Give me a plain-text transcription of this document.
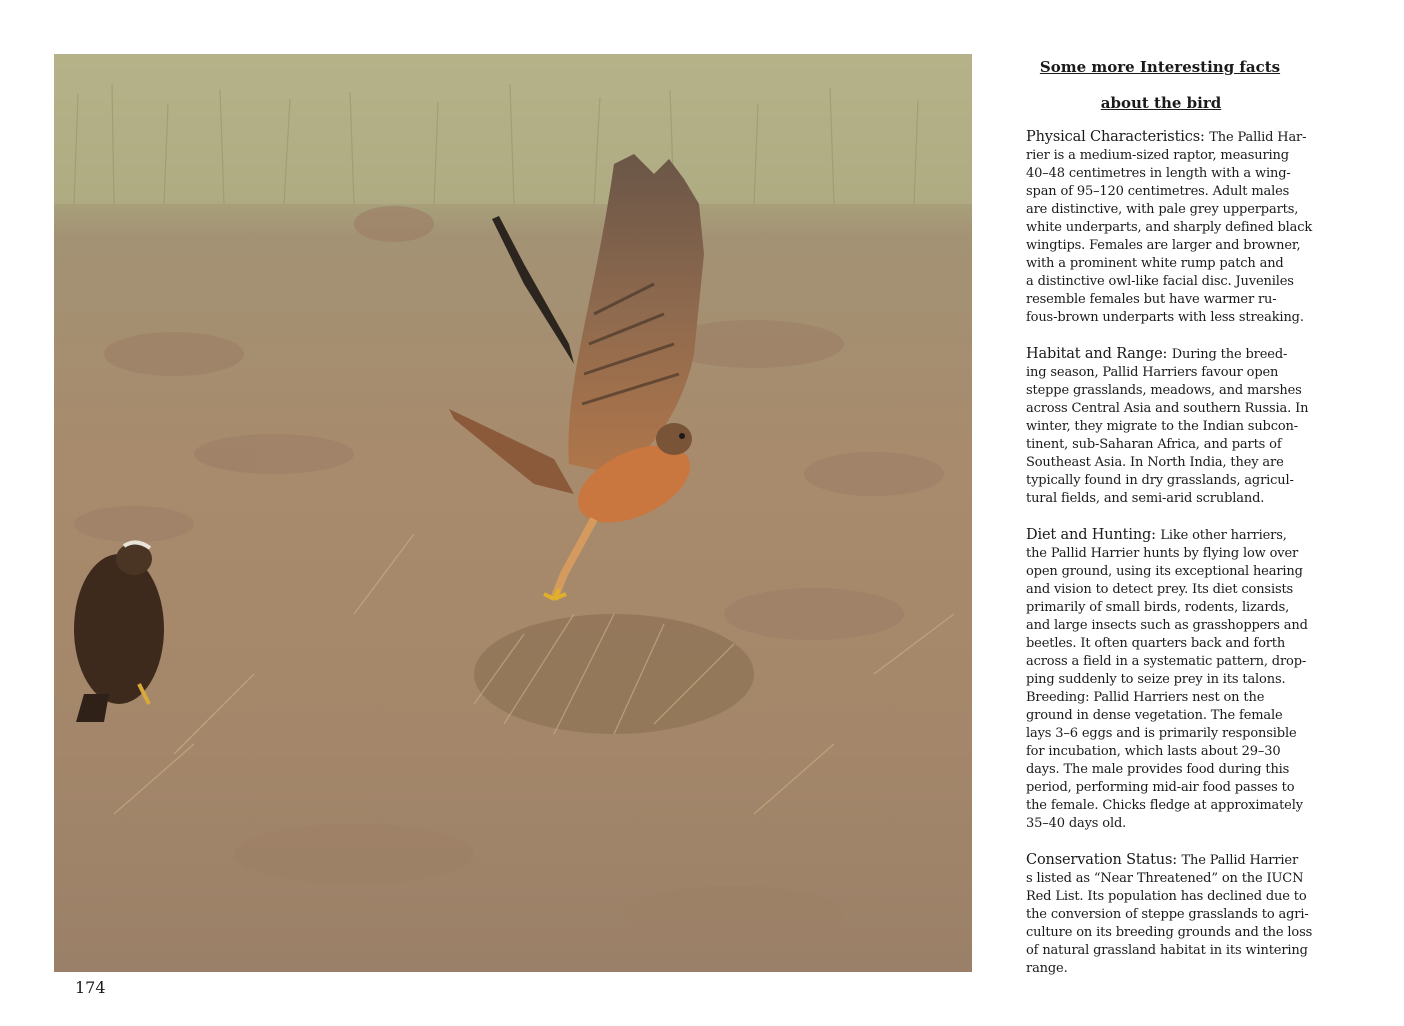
174

Some more Interesting facts

about the bird

Physical Characteristics: The Pallid Har-
rier is a medium-sized raptor, measuring
40–48 centimetres in length with a wing-
span of 95–120 centimetres. Adult males
are distinctive, with pale grey upperparts,
white underparts, and sharply defined black
wingtips. Females are larger and browner,
with a prominent white rump patch and
a distinctive owl-like facial disc. Juveniles
resemble females but have warmer ru-
fous-brown underparts with less streaking.
Habitat and Range: During the breed-
ing season, Pallid Harriers favour open
steppe grasslands, meadows, and marshes
across Central Asia and southern Russia. In
winter, they migrate to the Indian subcon-
tinent, sub-Saharan Africa, and parts of
Southeast Asia. In North India, they are
typically found in dry grasslands, agricul-
tural fields, and semi-arid scrubland.
Diet and Hunting: Like other harriers,
the Pallid Harrier hunts by flying low over
open ground, using its exceptional hearing
and vision to detect prey. Its diet consists
primarily of small birds, rodents, lizards,
and large insects such as grasshoppers and
beetles. It often quarters back and forth
across a field in a systematic pattern, drop-
ping suddenly to seize prey in its talons.
Breeding: Pallid Harriers nest on the
ground in dense vegetation. The female
lays 3–6 eggs and is primarily responsible
for incubation, which lasts about 29–30
days. The male provides food during this
period, performing mid-air food passes to
the female. Chicks fledge at approximately
35–40 days old.
Conservation Status: The Pallid Harrier
s listed as “Near Threatened” on the IUCN
Red List. Its population has declined due to
the conversion of steppe grasslands to agri-
culture on its breeding grounds and the loss
of natural grassland habitat in its wintering
range.
